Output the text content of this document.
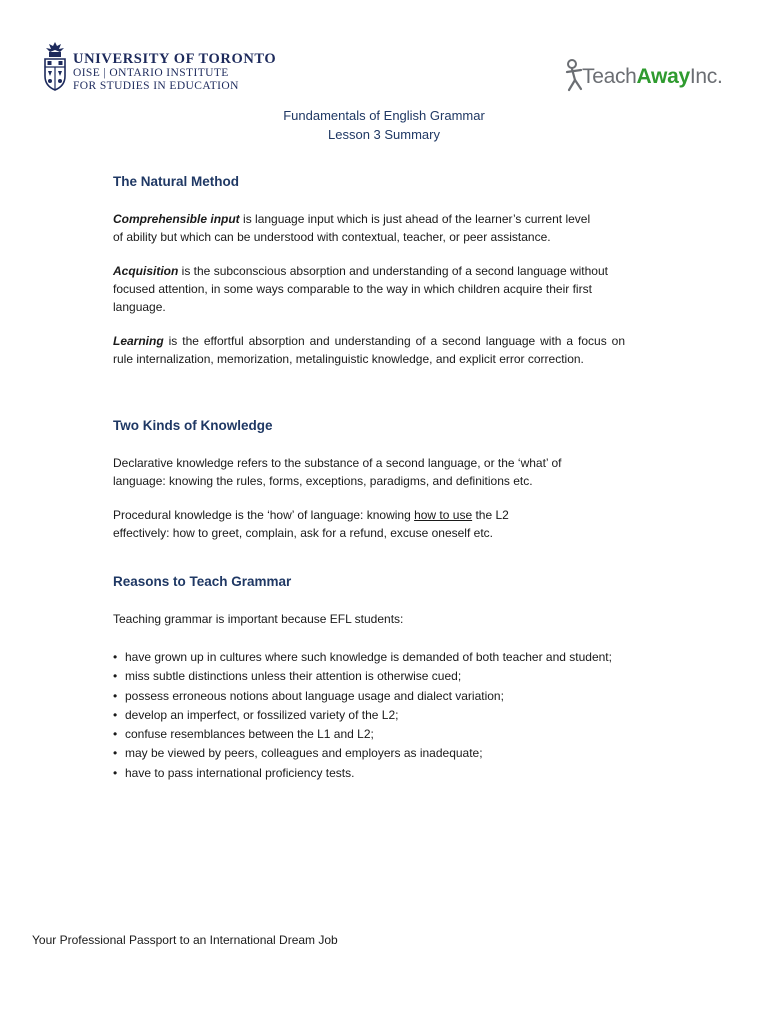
UNIVERSITY OF TORONTO
OISE | ONTARIO INSTITUTE
FOR STUDIES IN EDUCATION	TeachAwayInc.
Fundamentals of English Grammar
Lesson 3 Summary
The Natural Method
Comprehensible input is language input which is just ahead of the learner’s current level
of ability but which can be understood with contextual, teacher, or peer assistance.
Acquisition is the subconscious absorption and understanding of a second language without focused attention, in some ways comparable to the way in which children acquire their first language.
Learning is the effortful absorption and understanding of a second language with a focus on rule internalization, memorization, metalinguistic knowledge, and explicit error correction.
Two Kinds of Knowledge
Declarative knowledge refers to the substance of a second language, or the ‘what’ of
language: knowing the rules, forms, exceptions, paradigms, and definitions etc.
Procedural knowledge is the ‘how’ of language: knowing how to use the L2
effectively: how to greet, complain, ask for a refund, excuse oneself etc.
Reasons to Teach Grammar
Teaching grammar is important because EFL students:
• have grown up in cultures where such knowledge is demanded of both teacher and student;
• miss subtle distinctions unless their attention is otherwise cued;
• possess erroneous notions about language usage and dialect variation;
• develop an imperfect, or fossilized variety of the L2;
• confuse resemblances between the L1 and L2;
• may be viewed by peers, colleagues and employers as inadequate;
• have to pass international proficiency tests.
Your Professional Passport to an International Dream Job
